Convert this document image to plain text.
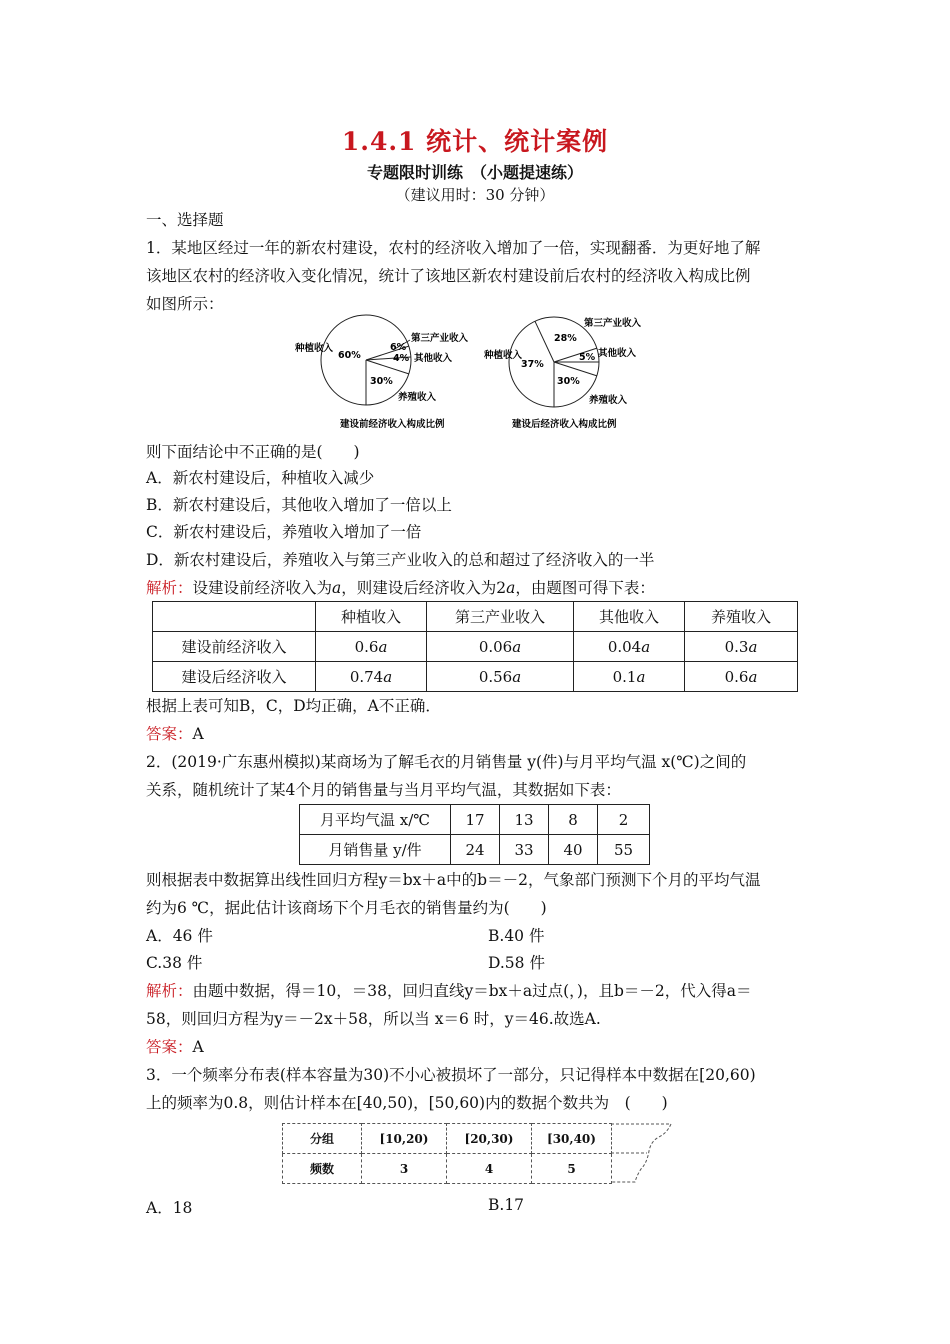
1.4.1 统计、统计案例
专题限时训练　（小题提速练）
（建议用时：30 分钟）
一、选择题
1．某地区经过一年的新农村建设，农村的经济收入增加了一倍，实现翻番．为更好地了解
该地区农村的经济收入变化情况，统计了该地区新农村建设前后农村的经济收入构成比例
如图所示：
种植收入
60%
第三产业收入
6%
4% 其他收入
30%
养殖收入
建设前经济收入构成比例
种植收入
37%
第三产业收入
28%
5% 其他收入
30%
养殖收入
建设后经济收入构成比例
则下面结论中不正确的是(　　)
A．新农村建设后，种植收入减少
B．新农村建设后，其他收入增加了一倍以上
C．新农村建设后，养殖收入增加了一倍
D．新农村建设后，养殖收入与第三产业收入的总和超过了经济收入的一半
解析：设建设前经济收入为a，则建设后经济收入为2a，由题图可得下表：
	种植收入	第三产业收入	其他收入	养殖收入
建设前经济收入	0.6a	0.06a	0.04a	0.3a
建设后经济收入	0.74a	0.56a	0.1a	0.6a
根据上表可知B，C，D均正确，A不正确．
答案：A
2．(2019·广东惠州模拟)某商场为了解毛衣的月销售量 y(件)与月平均气温 x(℃)之间的
关系，随机统计了某4个月的销售量与当月平均气温，其数据如下表：
月平均气温 x/℃	17	13	8	2
月销售量 y/件	24	33	40	55
则根据表中数据算出线性回归方程y＝bx＋a中的b＝－2，气象部门预测下个月的平均气温
约为6 ℃，据此估计该商场下个月毛衣的销售量约为(　　)
A．46 件	B.40 件
C.38 件	D.58 件
解析：由题中数据，得＝10，＝38，回归直线y＝bx＋a过点(，)，且b＝－2，代入得a＝
58，则回归方程为y＝－2x＋58，所以当 x＝6 时，y＝46.故选A.
答案：A
3．一个频率分布表(样本容量为30)不小心被损坏了一部分，只记得样本中数据在[20,60)
上的频率为0.8，则估计样本在[40,50)，[50,60)内的数据个数共为　(　　)
分组	[10,20)	[20,30)	[30,40)
频数	3	4	5
A．18	B.17
